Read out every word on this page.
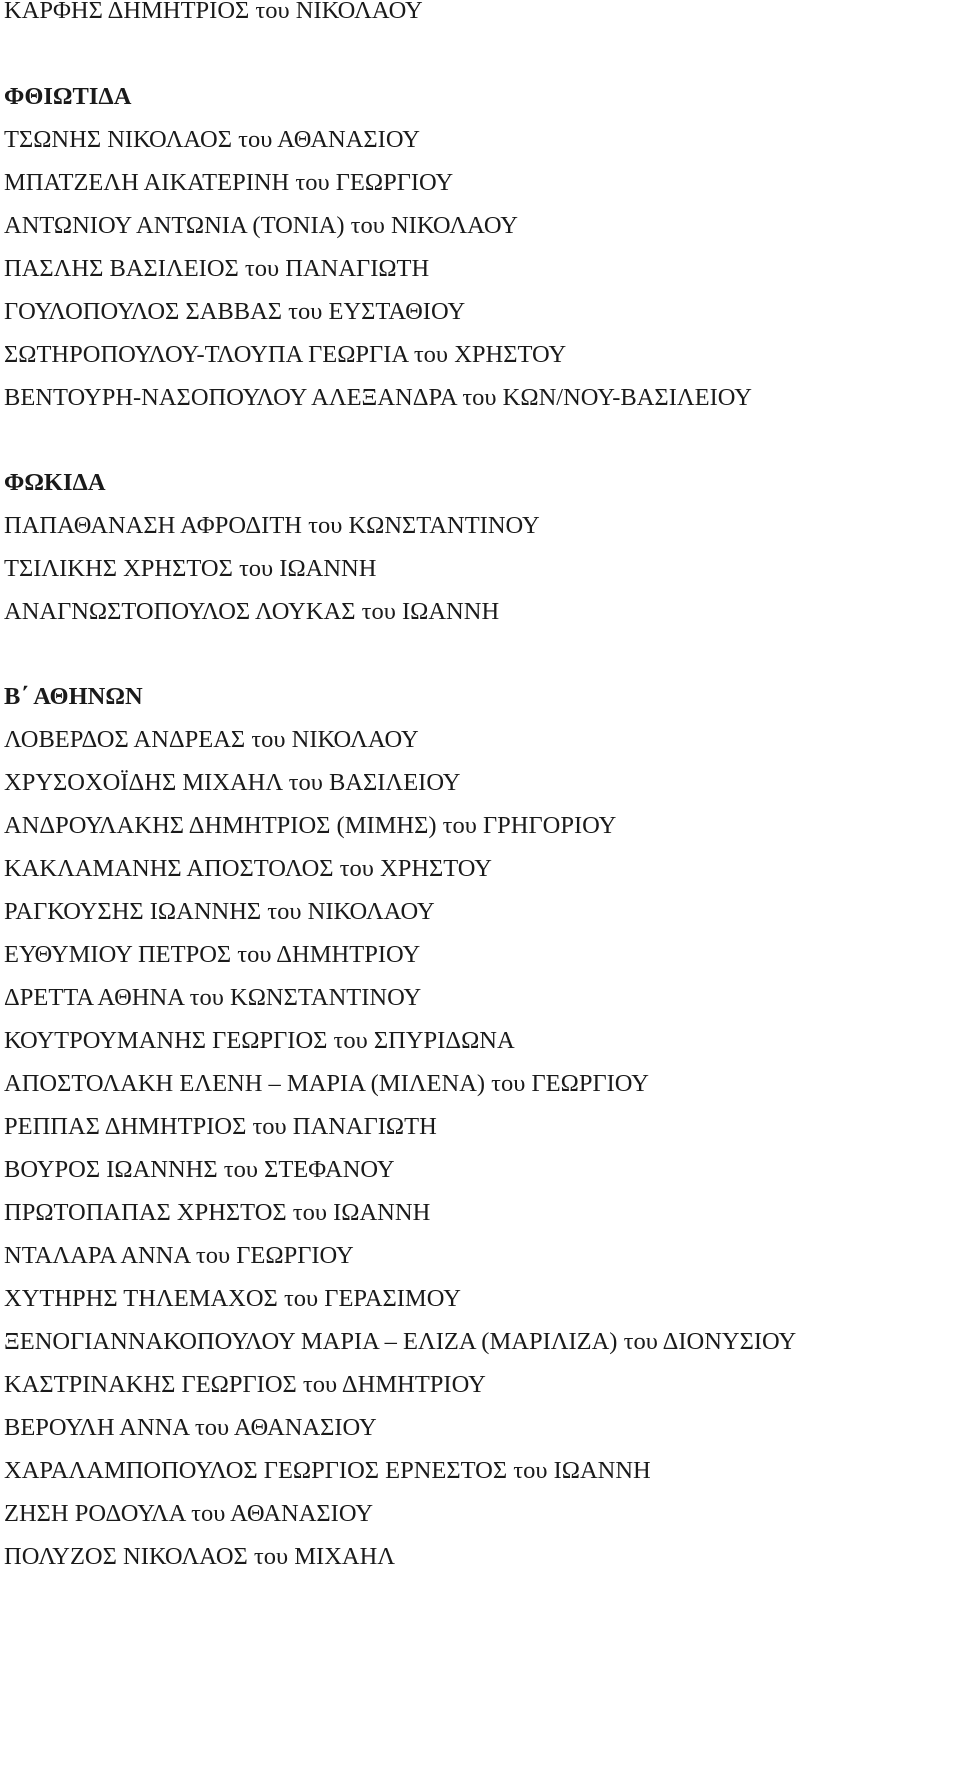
ΚΑΡΦΗΣ ΔΗΜΗΤΡΙΟΣ του ΝΙΚΟΛΑΟΥ
ΦΘΙΩΤΙΔΑ
ΤΣΩΝΗΣ ΝΙΚΟΛΑΟΣ του ΑΘΑΝΑΣΙΟΥ
ΜΠΑΤΖΕΛΗ ΑΙΚΑΤΕΡΙΝΗ του ΓΕΩΡΓΙΟΥ
ΑΝΤΩΝΙΟΥ ΑΝΤΩΝΙΑ (ΤΟΝΙΑ) του ΝΙΚΟΛΑΟΥ
ΠΑΣΛΗΣ ΒΑΣΙΛΕΙΟΣ του ΠΑΝΑΓΙΩΤΗ
ΓΟΥΛΟΠΟΥΛΟΣ ΣΑΒΒΑΣ του ΕΥΣΤΑΘΙΟΥ
ΣΩΤΗΡΟΠΟΥΛΟΥ-ΤΛΟΥΠΑ ΓΕΩΡΓΙΑ του ΧΡΗΣΤΟΥ
ΒΕΝΤΟΥΡΗ-ΝΑΣΟΠΟΥΛΟΥ ΑΛΕΞΑΝΔΡΑ του ΚΩΝ/ΝΟΥ-ΒΑΣΙΛΕΙΟΥ
ΦΩΚΙΔΑ
ΠΑΠΑΘΑΝΑΣΗ ΑΦΡΟΔΙΤΗ του ΚΩΝΣΤΑΝΤΙΝΟΥ
ΤΣΙΛΙΚΗΣ ΧΡΗΣΤΟΣ του ΙΩΑΝΝΗ
ΑΝΑΓΝΩΣΤΟΠΟΥΛΟΣ ΛΟΥΚΑΣ του ΙΩΑΝΝΗ
Β΄ ΑΘΗΝΩΝ
ΛΟΒΕΡΔΟΣ ΑΝΔΡΕΑΣ του ΝΙΚΟΛΑΟΥ
ΧΡΥΣΟΧΟΪΔΗΣ ΜΙΧΑΗΛ του ΒΑΣΙΛΕΙΟΥ
ΑΝΔΡΟΥΛΑΚΗΣ ΔΗΜΗΤΡΙΟΣ (ΜΙΜΗΣ) του ΓΡΗΓΟΡΙΟΥ
ΚΑΚΛΑΜΑΝΗΣ ΑΠΟΣΤΟΛΟΣ του ΧΡΗΣΤΟΥ
ΡΑΓΚΟΥΣΗΣ ΙΩΑΝΝΗΣ του ΝΙΚΟΛΑΟΥ
ΕΥΘΥΜΙΟΥ ΠΕΤΡΟΣ του ΔΗΜΗΤΡΙΟΥ
ΔΡΕΤΤΑ ΑΘΗΝΑ του ΚΩΝΣΤΑΝΤΙΝΟΥ
ΚΟΥΤΡΟΥΜΑΝΗΣ ΓΕΩΡΓΙΟΣ του ΣΠΥΡΙΔΩΝΑ
ΑΠΟΣΤΟΛΑΚΗ ΕΛΕΝΗ – ΜΑΡΙΑ (ΜΙΛΕΝΑ) του ΓΕΩΡΓΙΟΥ
ΡΕΠΠΑΣ ΔΗΜΗΤΡΙΟΣ του ΠΑΝΑΓΙΩΤΗ
ΒΟΥΡΟΣ ΙΩΑΝΝΗΣ του ΣΤΕΦΑΝΟΥ
ΠΡΩΤΟΠΑΠΑΣ ΧΡΗΣΤΟΣ του ΙΩΑΝΝΗ
ΝΤΑΛΑΡΑ ΑΝΝΑ του ΓΕΩΡΓΙΟΥ
ΧΥΤΗΡΗΣ ΤΗΛΕΜΑΧΟΣ του ΓΕΡΑΣΙΜΟΥ
ΞΕΝΟΓΙΑΝΝΑΚΟΠΟΥΛΟΥ ΜΑΡΙΑ – ΕΛΙΖΑ (ΜΑΡΙΛΙΖΑ) του ΔΙΟΝΥΣΙΟΥ
ΚΑΣΤΡΙΝΑΚΗΣ ΓΕΩΡΓΙΟΣ του ΔΗΜΗΤΡΙΟΥ
ΒΕΡΟΥΛΗ ΑΝΝΑ του ΑΘΑΝΑΣΙΟΥ
ΧΑΡΑΛΑΜΠΟΠΟΥΛΟΣ ΓΕΩΡΓΙΟΣ ΕΡΝΕΣΤΟΣ του ΙΩΑΝΝΗ
ΖΗΣΗ ΡΟΔΟΥΛΑ του ΑΘΑΝΑΣΙΟΥ
ΠΟΛΥΖΟΣ ΝΙΚΟΛΑΟΣ του ΜΙΧΑΗΛ
